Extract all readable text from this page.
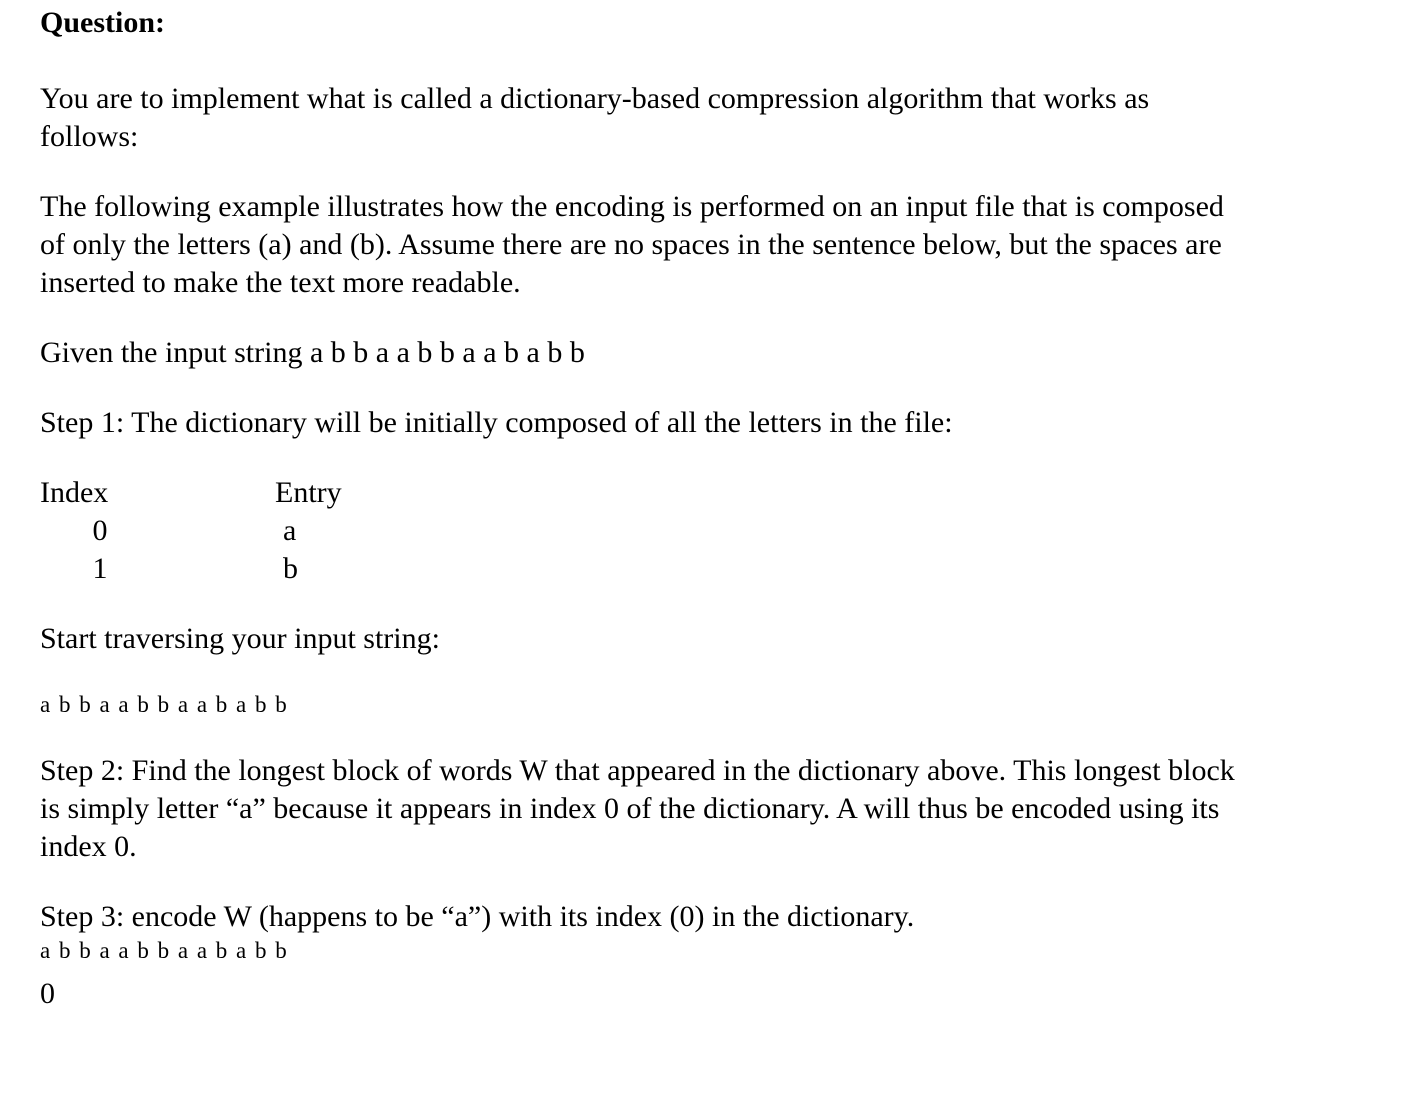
Question:

You are to implement what is called a dictionary-based compression algorithm that works as follows:

The following example illustrates how the encoding is performed on an input file that is composed of only the letters (a) and (b). Assume there are no spaces in the sentence below, but the spaces are inserted to make the text more readable.

Given the input string a b b a a b b a a b a b b

Step 1: The dictionary will be initially composed of all the letters in the file:

Index	Entry
0	a
1	b

Start traversing your input string:

a b b a a b b a a b a b b

Step 2: Find the longest block of words W that appeared in the dictionary above. This longest block is simply letter “a” because it appears in index 0 of the dictionary. A will thus be encoded using its index 0.

Step 3: encode W (happens to be “a”) with its index (0) in the dictionary.

a b b a a b b a a b a b b

0
